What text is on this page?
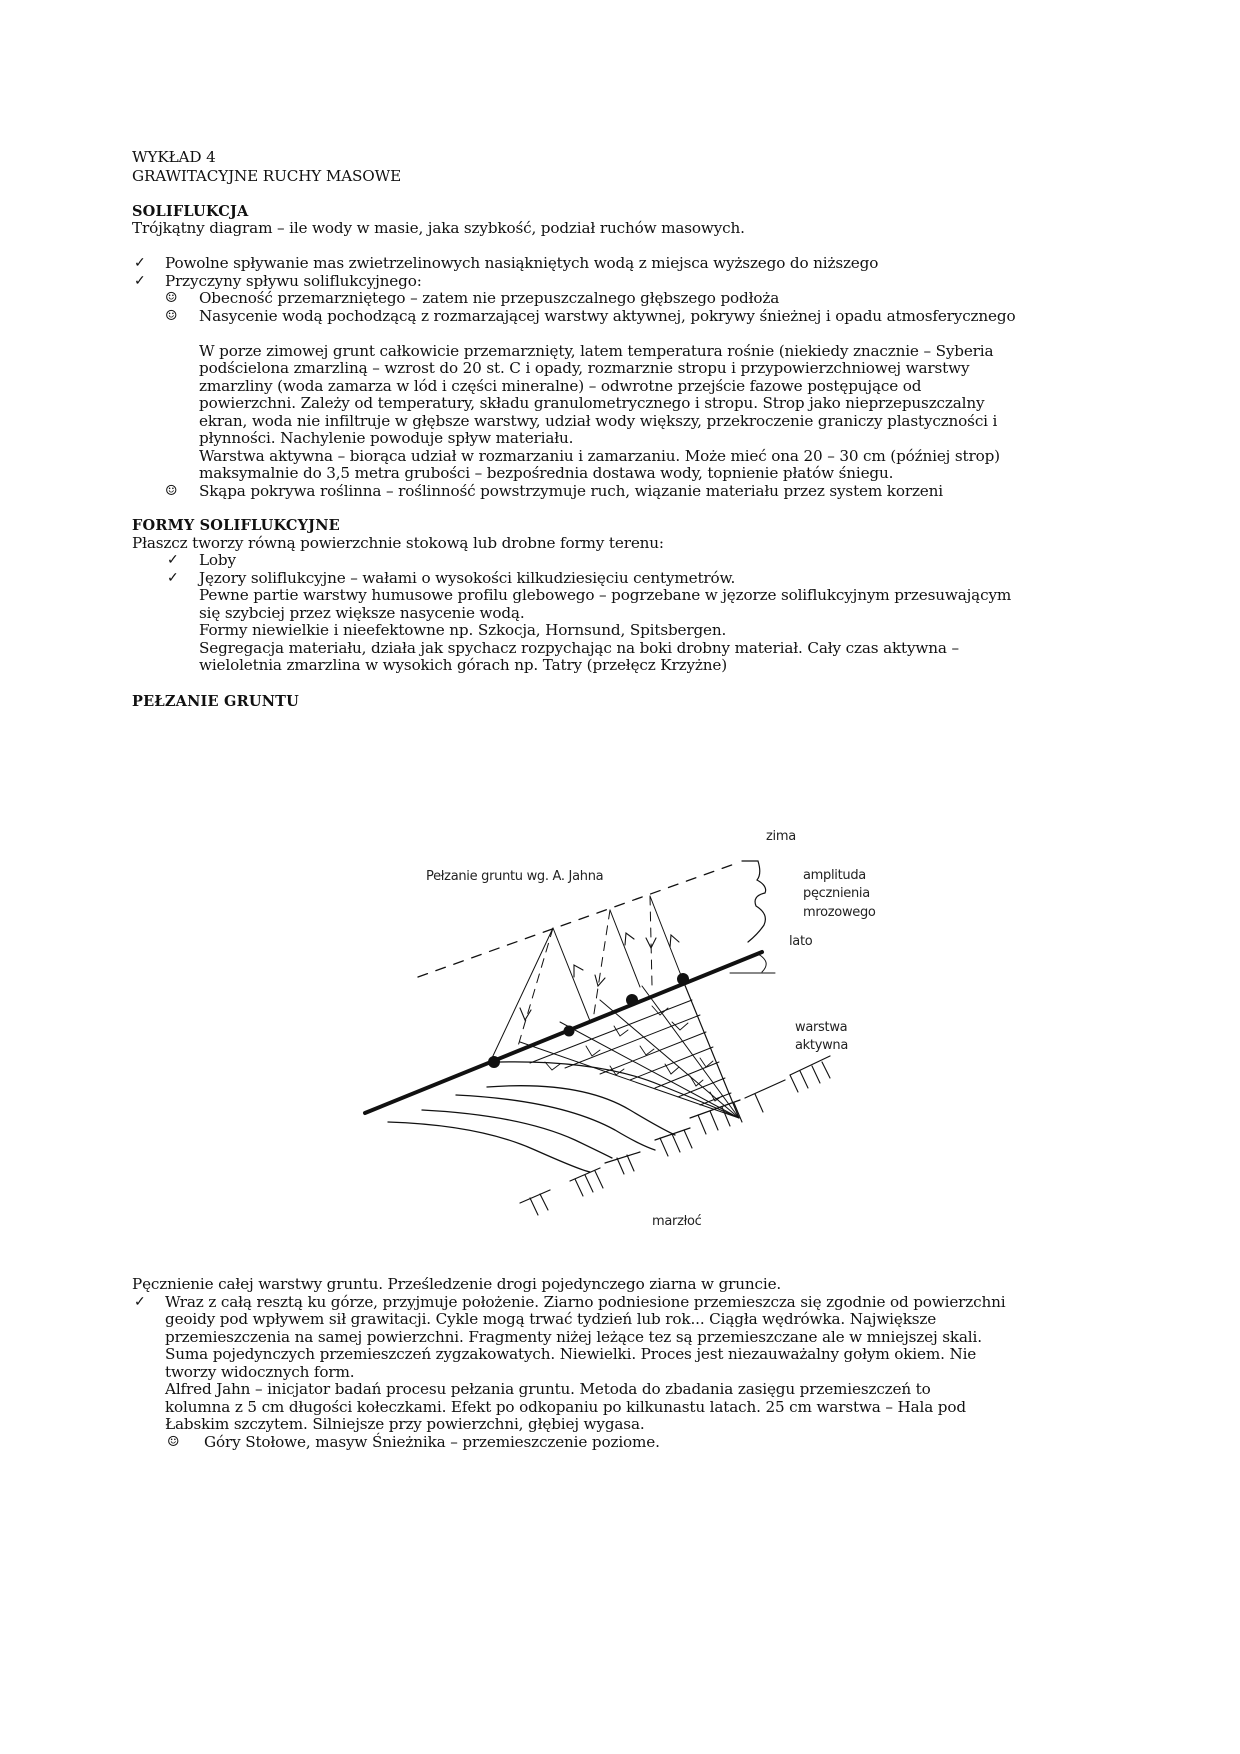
WYKŁAD 4
GRAWITACYJNE RUCHY MASOWE
SOLIFLUKCJA
Trójkątny diagram – ile wody w masie, jaka szybkość, podział ruchów masowych.
✓ Powolne spływanie mas zwietrzelinowych nasiąkniętych wodą z miejsca wyższego do niższego
✓ Przyczyny spływu soliflukcyjnego:
☺ Obecność przemarzniętego – zatem nie przepuszczalnego głębszego podłoża
☺ Nasycenie wodą pochodzącą z rozmarzającej warstwy aktywnej, pokrywy śnieżnej i opadu atmosferycznego
W porze zimowej grunt całkowicie przemarznięty, latem temperatura rośnie (niekiedy znacznie – Syberia
podścielona zmarzliną – wzrost do 20 st. C i opady, rozmarznie stropu i przypowierzchniowej warstwy
zmarzliny (woda zamarza w lód i części mineralne) – odwrotne przejście fazowe postępujące od
powierzchni. Zależy od temperatury, składu granulometrycznego i stropu. Strop jako nieprzepuszczalny
ekran, woda nie infiltruje w głębsze warstwy, udział wody większy, przekroczenie graniczy plastyczności i
płynności. Nachylenie powoduje spływ materiału.
Warstwa aktywna – biorąca udział w rozmarzaniu i zamarzaniu. Może mieć ona 20 – 30 cm (później strop)
maksymalnie do 3,5 metra grubości – bezpośrednia dostawa wody, topnienie płatów śniegu.
☺ Skąpa pokrywa roślinna – roślinność powstrzymuje ruch, wiązanie materiału przez system korzeni
FORMY SOLIFLUKCYJNE
Płaszcz tworzy równą powierzchnie stokową lub drobne formy terenu:
✓ Loby
✓ Jęzory soliflukcyjne – wałami o wysokości kilkudziesięciu centymetrów.
Pewne partie warstwy humusowe profilu glebowego – pogrzebane w jęzorze soliflukcyjnym przesuwającym
się szybciej przez większe nasycenie wodą.
Formy niewielkie i nieefektowne np. Szkocja, Hornsund, Spitsbergen.
Segregacja materiału, działa jak spychacz rozpychając na boki drobny materiał. Cały czas aktywna –
wieloletnia zmarzlina w wysokich górach np. Tatry (przełęcz Krzyżne)
PEŁZANIE GRUNTU
Pełzanie gruntu wg. A. Jahna
zima
amplituda
pęcznienia
mrozowego
lato
warstwa
aktywna
marzłoć
Pęcznienie całej warstwy gruntu. Prześledzenie drogi pojedynczego ziarna w gruncie.
✓ Wraz z całą resztą ku górze, przyjmuje położenie. Ziarno podniesione przemieszcza się zgodnie od powierzchni
geoidy pod wpływem sił grawitacji. Cykle mogą trwać tydzień lub rok... Ciągła wędrówka. Największe
przemieszczenia na samej powierzchni. Fragmenty niżej leżące tez są przemieszczane ale w mniejszej skali.
Suma pojedynczych przemieszczeń zygzakowatych. Niewielki. Proces jest niezauważalny gołym okiem. Nie
tworzy widocznych form.
Alfred Jahn – inicjator badań procesu pełzania gruntu. Metoda do zbadania zasięgu przemieszczeń to
kolumna z 5 cm długości kołeczkami. Efekt po odkopaniu po kilkunastu latach. 25 cm warstwa – Hala pod
Łabskim szczytem. Silniejsze przy powierzchni, głębiej wygasa.
☺ Góry Stołowe, masyw Śnieżnika – przemieszczenie poziome.
